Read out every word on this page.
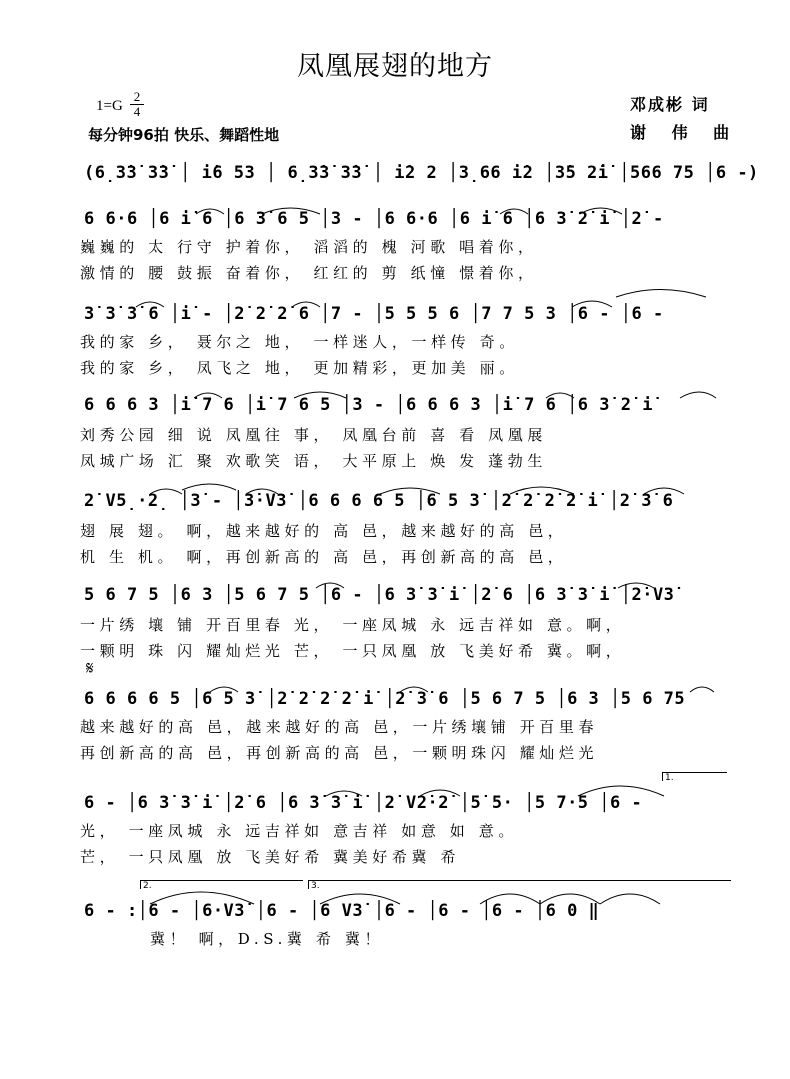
凤凰展翅的地方
1=G
2
4
每分钟96拍 快乐、舞蹈性地
邓成彬 词
谢 伟 曲
(6̣3̇3̇ 3̇3̇ │ i̇6 53 │ 6̣3̇3̇ 3̇3̇ │ i̇2 2 │3̣66 i̇2 │3̇5 2̇i̇ │566 75 │6 -)
6 6·6 │6 i̇ 6 │6 3̇ 6 5 │3 - │6 6·6 │6 i̇ 6 │6 3̇ 2̇ i̇ │2̇ -
巍巍的 太 行守 护着你， 滔滔的 槐 河歌 唱着你，
激情的 腰 鼓振 奋着你， 红红的 剪 纸憧 憬着你，
3̇ 3̇ 3̇ 6 │i̇ - │2̇ 2̇ 2̇ 6 │7 - │5 5 5 6 │7 7 5 3 │6 - │6 -
我的家 乡， 聂尔之 地， 一样迷人，一样传 奇。
我的家 乡， 凤飞之 地， 更加精彩，更加美 丽。
6 6 6 3 │i̇ 7 6 │i̇ 7 6 5 │3 - │6 6 6 3 │i̇ 7 6 │6 3̇ 2̇ i̇
刘秀公园 细 说 凤凰往 事， 凤凰台前 喜 看 凤凰展
凤城广场 汇 聚 欢歌笑 语， 大平原上 焕 发 蓬勃生
2̇ V5̣·2̣ │3̇ - │3̇·V3̇ │6 6 6 6 5 │6 5 3̇ │2̇ 2̇ 2̇ 2̇ i̇ │2̇ 3̇ 6
翅 展 翅。 啊，越来越好的 高 邑，越来越好的高 邑，
机 生 机。 啊，再创新高的 高 邑，再创新高的高 邑，
5 6 7 5 │6 3 │5 6 7 5 │6 - │6 3̇ 3̇ i̇ │2̇ 6 │6 3̇ 3̇ i̇ │2̇·V3̇
一片绣 壤 铺 开百里春 光， 一座凤城 永 远吉祥如 意。啊，
一颗明 珠 闪 耀灿烂光 芒， 一只凤凰 放 飞美好希 冀。啊，
𝄋
6 6 6 6 5 │6 5 3̇ │2̇ 2̇ 2̇ 2̇ i̇ │2̇ 3̇ 6 │5 6 7 5 │6 3 │5 6 75
越来越好的高 邑，越来越好的高 邑，一片绣壤铺 开百里春
再创新高的高 邑，再创新高的高 邑，一颗明珠闪 耀灿烂光
1.
6 - │6 3̇ 3̇ i̇ │2̇ 6 │6 3̇ 3̇ i̇ │2̇ V2̇·2̇ │5̇ 5· │5 7·5 │6 -
光， 一座凤城 永 远吉祥如 意吉祥 如意 如 意。
芒， 一只凤凰 放 飞美好希 冀美好希冀 希
2.	3.
6 - :│6 - │6·V3̇ │6 - │6 V3̇ │6 - │6 - │6 - │6 0 ‖
冀！ 啊，D.S.冀 希 冀！
